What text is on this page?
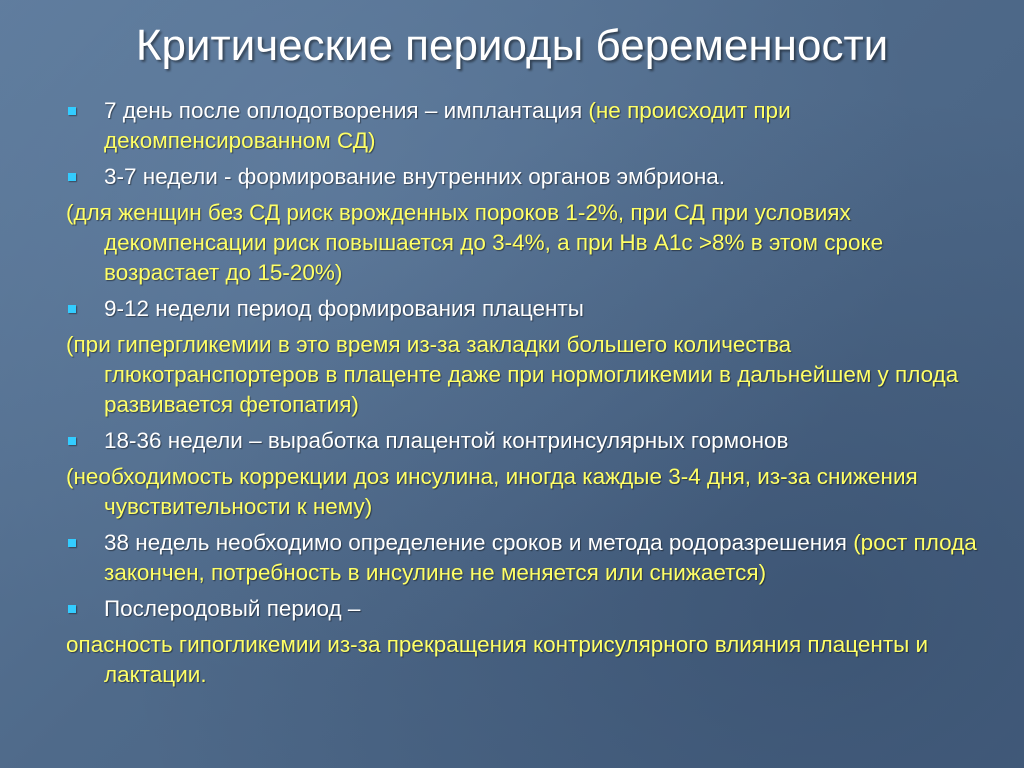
Критические периоды беременности
7 день после оплодотворения – имплантация (не происходит при декомпенсированном СД)
3-7 недели - формирование внутренних органов эмбриона.
(для женщин без СД риск врожденных пороков 1-2%, при СД при условиях декомпенсации риск повышается до 3-4%, а при Нв А1с >8% в этом сроке возрастает до 15-20%)
9-12 недели период формирования плаценты
(при гипергликемии в это время из-за закладки большего количества глюкотранспортеров в плаценте даже при нормогликемии в дальнейшем у плода развивается фетопатия)
18-36 недели – выработка плацентой контринсулярных гормонов
(необходимость коррекции доз инсулина, иногда каждые 3-4 дня, из-за снижения чувствительности к нему)
38 недель необходимо определение сроков и метода родоразрешения (рост плода закончен, потребность в инсулине не меняется или снижается)
Послеродовый период –
опасность гипогликемии из-за прекращения контрисулярного влияния плаценты и лактации.
